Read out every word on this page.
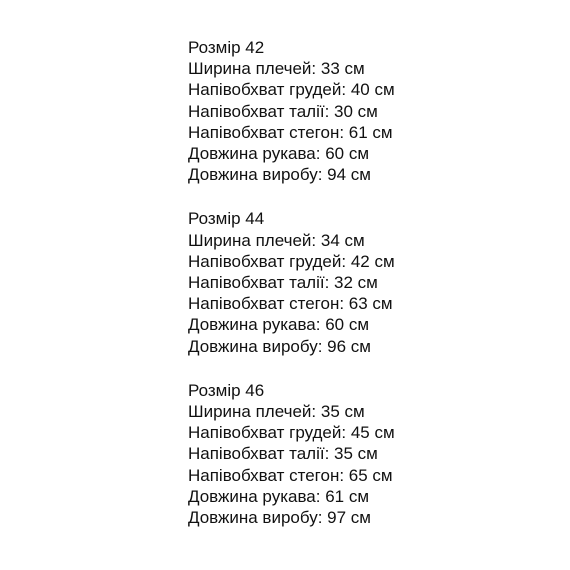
Розмір 42
Ширина плечей: 33 см
Напівобхват грудей: 40 см
Напівобхват талії: 30 см
Напівобхват стегон: 61 см
Довжина рукава: 60 см
Довжина виробу: 94 см
Розмір 44
Ширина плечей: 34 см
Напівобхват грудей: 42 см
Напівобхват талії: 32 см
Напівобхват стегон: 63 см
Довжина рукава: 60 см
Довжина виробу: 96 см
Розмір 46
Ширина плечей: 35 см
Напівобхват грудей: 45 см
Напівобхват талії: 35 см
Напівобхват стегон: 65 см
Довжина рукава: 61 см
Довжина виробу: 97 см
